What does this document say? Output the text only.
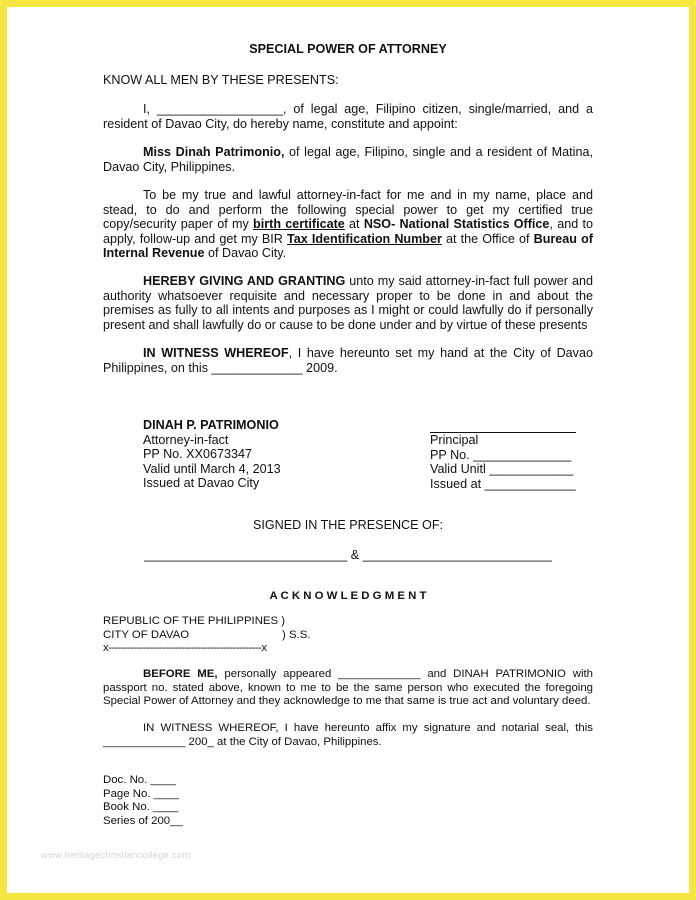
SPECIAL POWER OF ATTORNEY
KNOW ALL MEN BY THESE PRESENTS:
I, __________________, of legal age, Filipino citizen, single/married, and a resident of Davao City, do hereby name, constitute and appoint:
Miss Dinah Patrimonio, of legal age, Filipino, single and a resident of Matina, Davao City, Philippines.
To be my true and lawful attorney-in-fact for me and in my name, place and stead, to do and perform the following special power to get my certified true copy/security paper of my birth certificate at NSO- National Statistics Office, and to apply, follow-up and get my BIR Tax Identification Number at the Office of Bureau of Internal Revenue of Davao City.
HEREBY GIVING AND GRANTING unto my said attorney-in-fact full power and authority whatsoever requisite and necessary proper to be done in and about the premises as fully to all intents and purposes as I might or could lawfully do if personally present and shall lawfully do or cause to be done under and by virtue of these presents
IN WITNESS WHEREOF, I have hereunto set my hand at the City of Davao Philippines, on this _____________ 2009.
DINAH P. PATRIMONIO
Attorney-in-fact
PP No. XX0673347
Valid until March 4, 2013
Issued at Davao City
Principal
PP No. ______________
Valid Unitl ____________
Issued at _____________
SIGNED IN THE PRESENCE OF:
_____________________________ & ___________________________
A C K N O W L E D G M E N T
REPUBLIC OF THE PHILIPPINES )
CITY OF DAVAO	) S.S.
x------------------------------------------------x
BEFORE ME, personally appeared _____________ and DINAH PATRIMONIO with passport no. stated above, known to me to be the same person who executed the foregoing Special Power of Attorney and they acknowledge to me that same is true act and voluntary deed.
IN WITNESS WHEREOF, I have hereunto affix my signature and notarial seal, this _____________ 200_ at the City of Davao, Philippines.
Doc. No. ____
Page No. ____
Book No. ____
Series of 200__
www.heritagechristiancollege.com
